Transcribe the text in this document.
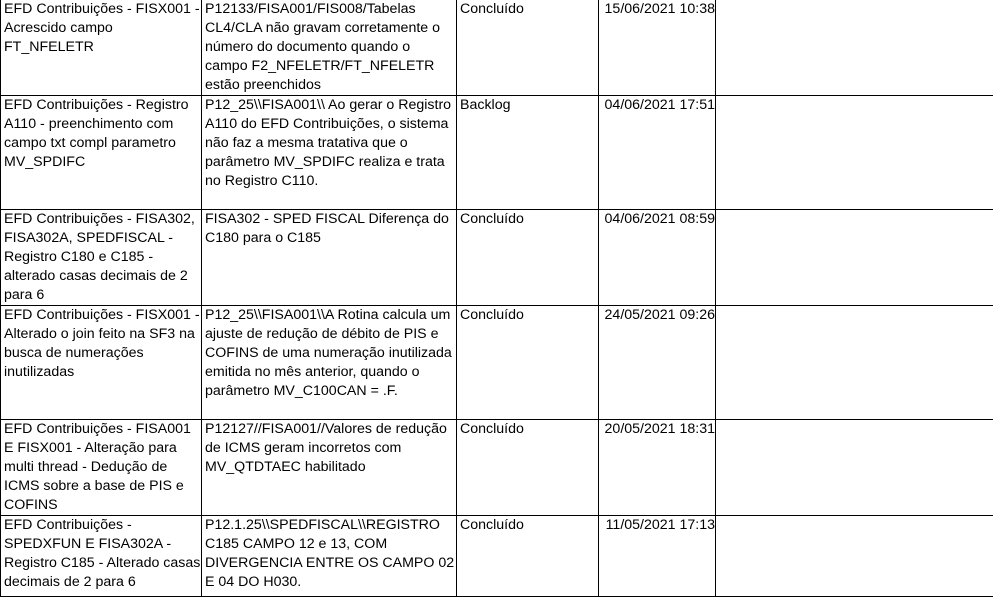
EFD Contribuições - FISX001 - Acrescido campo FT_NFELETR	P12133/FISA001/FIS008/Tabelas CL4/CLA não gravam corretamente o número do documento quando o campo F2_NFELETR/FT_NFELETR estão preenchidos	Concluído	15/06/2021 10:38	
EFD Contribuições - Registro A110 - preenchimento com campo txt compl parametro MV_SPDIFC	P12_25\\FISA001\\ Ao gerar o Registro A110 do EFD Contribuições, o sistema não faz a mesma tratativa que o parâmetro MV_SPDIFC realiza e trata no Registro C110.	Backlog	04/06/2021 17:51	
EFD Contribuições - FISA302, FISA302A, SPEDFISCAL - Registro C180 e C185 - alterado casas decimais de 2 para 6	FISA302 - SPED FISCAL Diferença do C180 para o C185	Concluído	04/06/2021 08:59	
EFD Contribuições - FISX001 - Alterado o join feito na SF3 na busca de numerações inutilizadas	P12_25\\FISA001\\A Rotina calcula um ajuste de redução de débito de PIS e COFINS de uma numeração inutilizada emitida no mês anterior, quando o parâmetro MV_C100CAN = .F.	Concluído	24/05/2021 09:26	
EFD Contribuições - FISA001 E FISX001 - Alteração para multi thread - Dedução de ICMS sobre a base de PIS e COFINS	P12127//FISA001//Valores de redução de ICMS geram incorretos com MV_QTDTAEC habilitado	Concluído	20/05/2021 18:31	
EFD Contribuições - SPEDXFUN E FISA302A - Registro C185 - Alterado casas decimais de 2 para 6	P12.1.25\\SPEDFISCAL\\REGISTRO C185 CAMPO 12 e 13, COM DIVERGENCIA ENTRE OS CAMPO 02 E 04 DO H030.	Concluído	11/05/2021 17:13	
